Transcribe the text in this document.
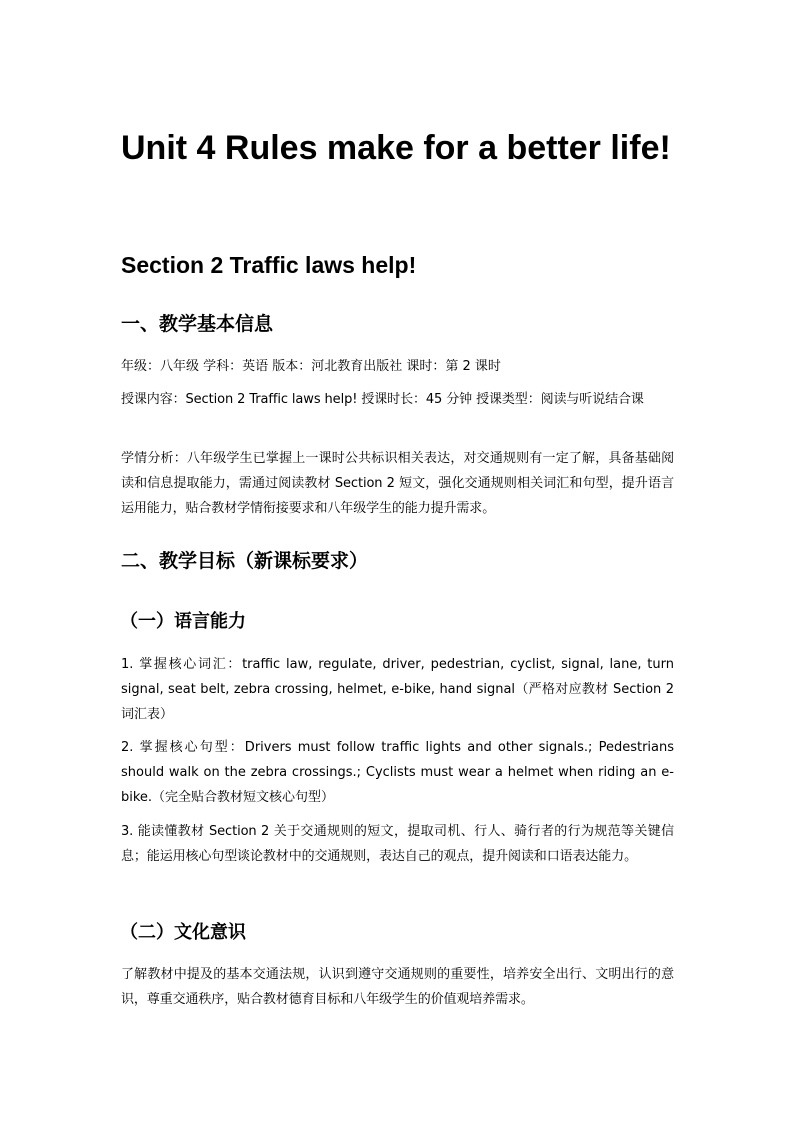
Unit 4 Rules make for a better life!
Section 2 Traffic laws help!
一、教学基本信息

年级：八年级 学科：英语 版本：河北教育出版社 课时：第 2 课时

授课内容：Section 2 Traffic laws help! 授课时长：45 分钟 授课类型：阅读与听说结合课

学情分析：八年级学生已掌握上一课时公共标识相关表达，对交通规则有一定了解，具备基础阅读和信息提取能力，需通过阅读教材 Section 2 短文，强化交通规则相关词汇和句型，提升语言运用能力，贴合教材学情衔接要求和八年级学生的能力提升需求。

二、教学目标（新课标要求）
（一）语言能力

1. 掌握核心词汇：traffic law, regulate, driver, pedestrian, cyclist, signal, lane, turn signal, seat belt, zebra crossing, helmet, e-bike, hand signal（严格对应教材 Section 2 词汇表）

2. 掌握核心句型：Drivers must follow traffic lights and other signals.; Pedestrians should walk on the zebra crossings.; Cyclists must wear a helmet when riding an e-bike.（完全贴合教材短文核心句型）

3. 能读懂教材 Section 2 关于交通规则的短文，提取司机、行人、骑行者的行为规范等关键信息；能运用核心句型谈论教材中的交通规则，表达自己的观点，提升阅读和口语表达能力。

（二）文化意识

了解教材中提及的基本交通法规，认识到遵守交通规则的重要性，培养安全出行、文明出行的意识，尊重交通秩序，贴合教材德育目标和八年级学生的价值观培养需求。
